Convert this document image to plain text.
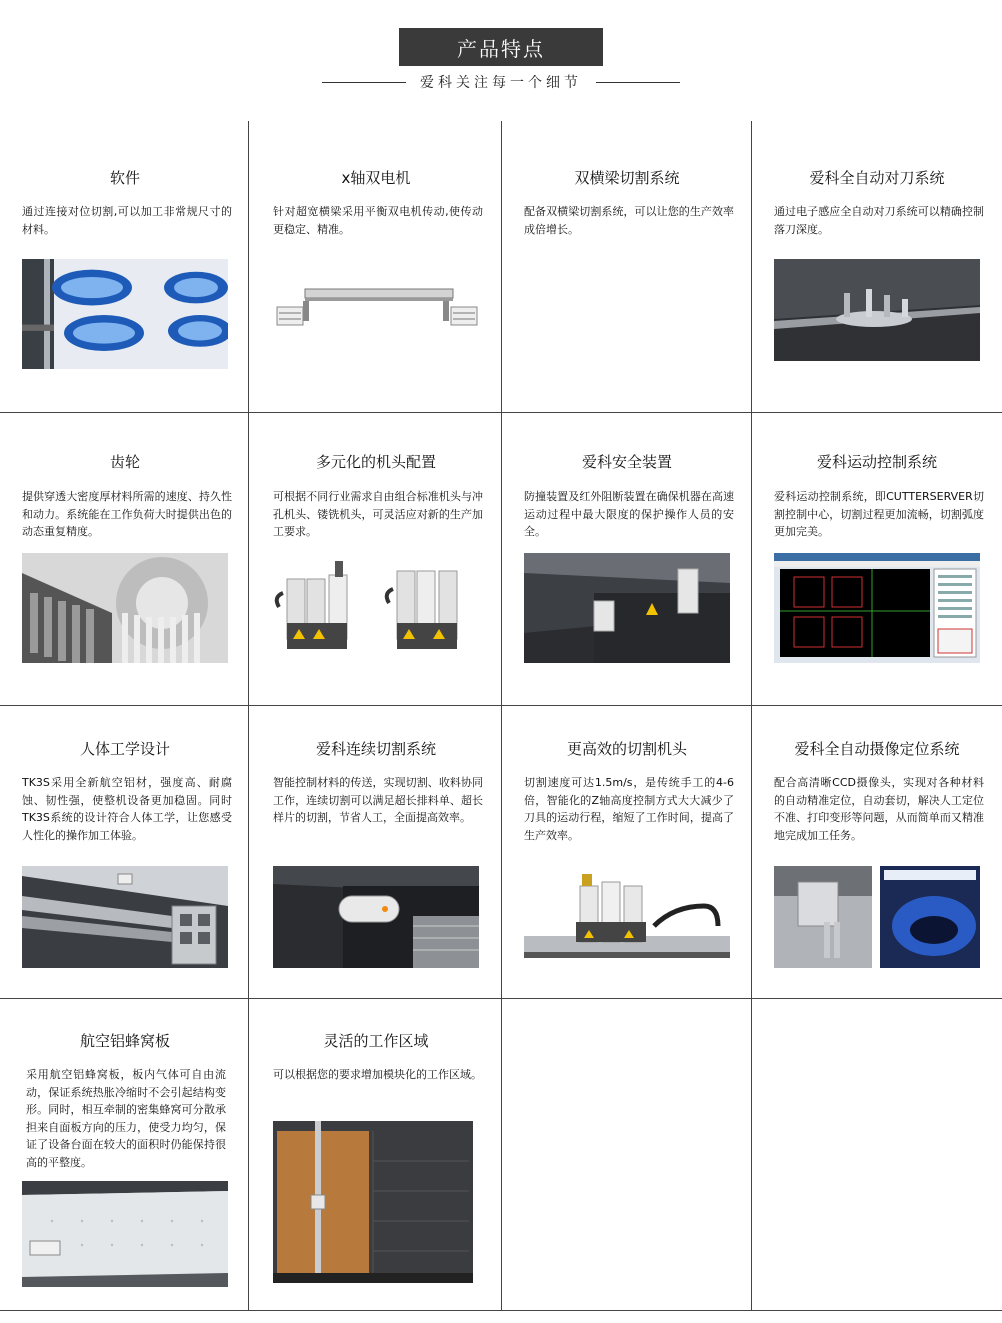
产品特点
爱科关注每一个细节
软件
通过连接对位切割,可以加工非常规尺寸的材料。
x轴双电机
针对超宽横梁采用平衡双电机传动,使传动更稳定、精准。
双横梁切割系统
配备双横梁切割系统，可以让您的生产效率成倍增长。
爱科全自动对刀系统
通过电子感应全自动对刀系统可以精确控制落刀深度。
齿轮
提供穿透大密度厚材料所需的速度、持久性和动力。系统能在工作负荷大时提供出色的动态重复精度。
多元化的机头配置
可根据不同行业需求自由组合标准机头与冲孔机头、镂铣机头，可灵活应对新的生产加工要求。
爱科安全装置
防撞装置及红外阻断装置在确保机器在高速运动过程中最大限度的保护操作人员的安全。
爱科运动控制系统
爱科运动控制系统，即CUTTERSERVER切割控制中心，切割过程更加流畅，切割弧度更加完美。
人体工学设计
TK3S采用全新航空铝材，强度高、耐腐蚀、韧性强，使整机设备更加稳固。同时TK3S系统的设计符合人体工学，让您感受人性化的操作加工体验。
爱科连续切割系统
智能控制材料的传送，实现切割、收料协同工作，连续切割可以满足超长排料单、超长样片的切割，节省人工，全面提高效率。
更高效的切割机头
切割速度可达1.5m/s，是传统手工的4-6倍，智能化的Z轴高度控制方式大大减少了刀具的运动行程，缩短了工作时间，提高了生产效率。
爱科全自动摄像定位系统
配合高清晰CCD摄像头，实现对各种材料的自动精准定位，自动套切，解决人工定位不准、打印变形等问题，从而简单而又精准地完成加工任务。
航空铝蜂窝板
采用航空铝蜂窝板，板内气体可自由流动，保证系统热胀冷缩时不会引起结构变形。同时，相互牵制的密集蜂窝可分散承担来自面板方向的压力，使受力均匀，保证了设备台面在较大的面积时仍能保持很高的平整度。
灵活的工作区域
可以根据您的要求增加模块化的工作区域。
